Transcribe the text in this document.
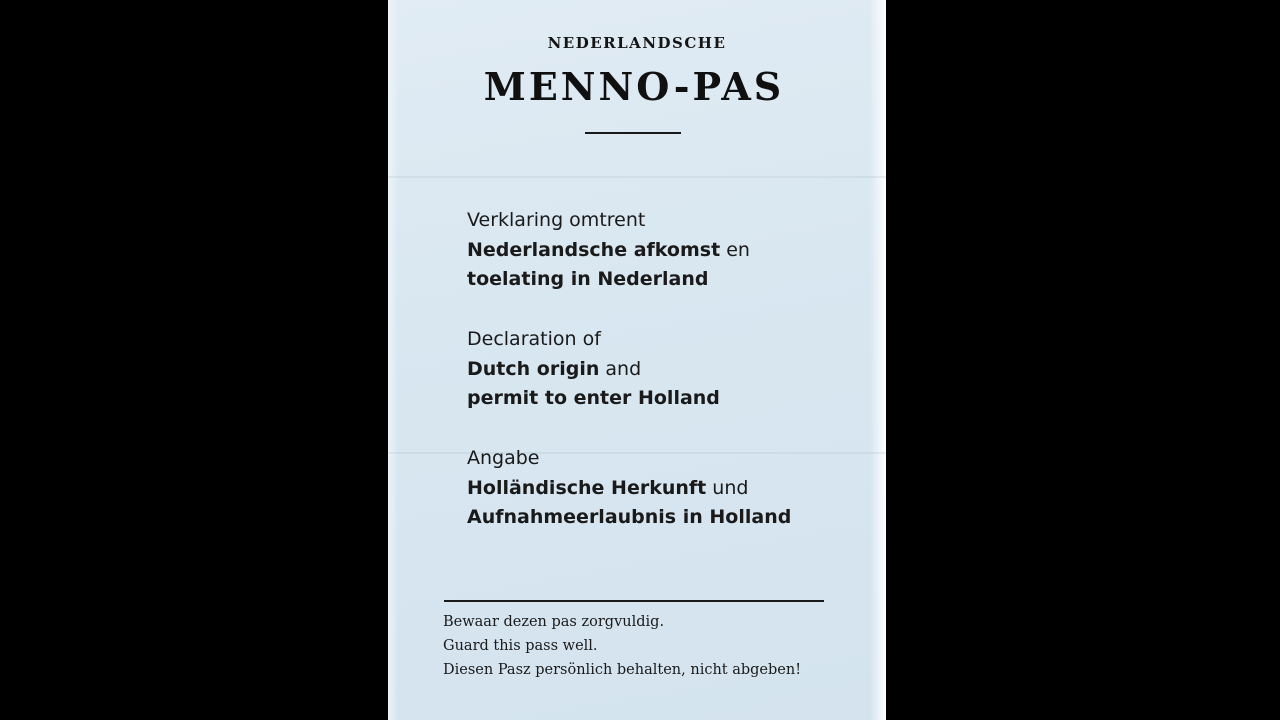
NEDERLANDSCHE
MENNO-PAS
Verklaring omtrent
Nederlandsche afkomst en
toelating in Nederland
Declaration of
Dutch origin and
permit to enter Holland
Angabe
Holländische Herkunft und
Aufnahmeerlaubnis in Holland
Bewaar dezen pas zorgvuldig.
Guard this pass well.
Diesen Pasz persönlich behalten, nicht abgeben!
